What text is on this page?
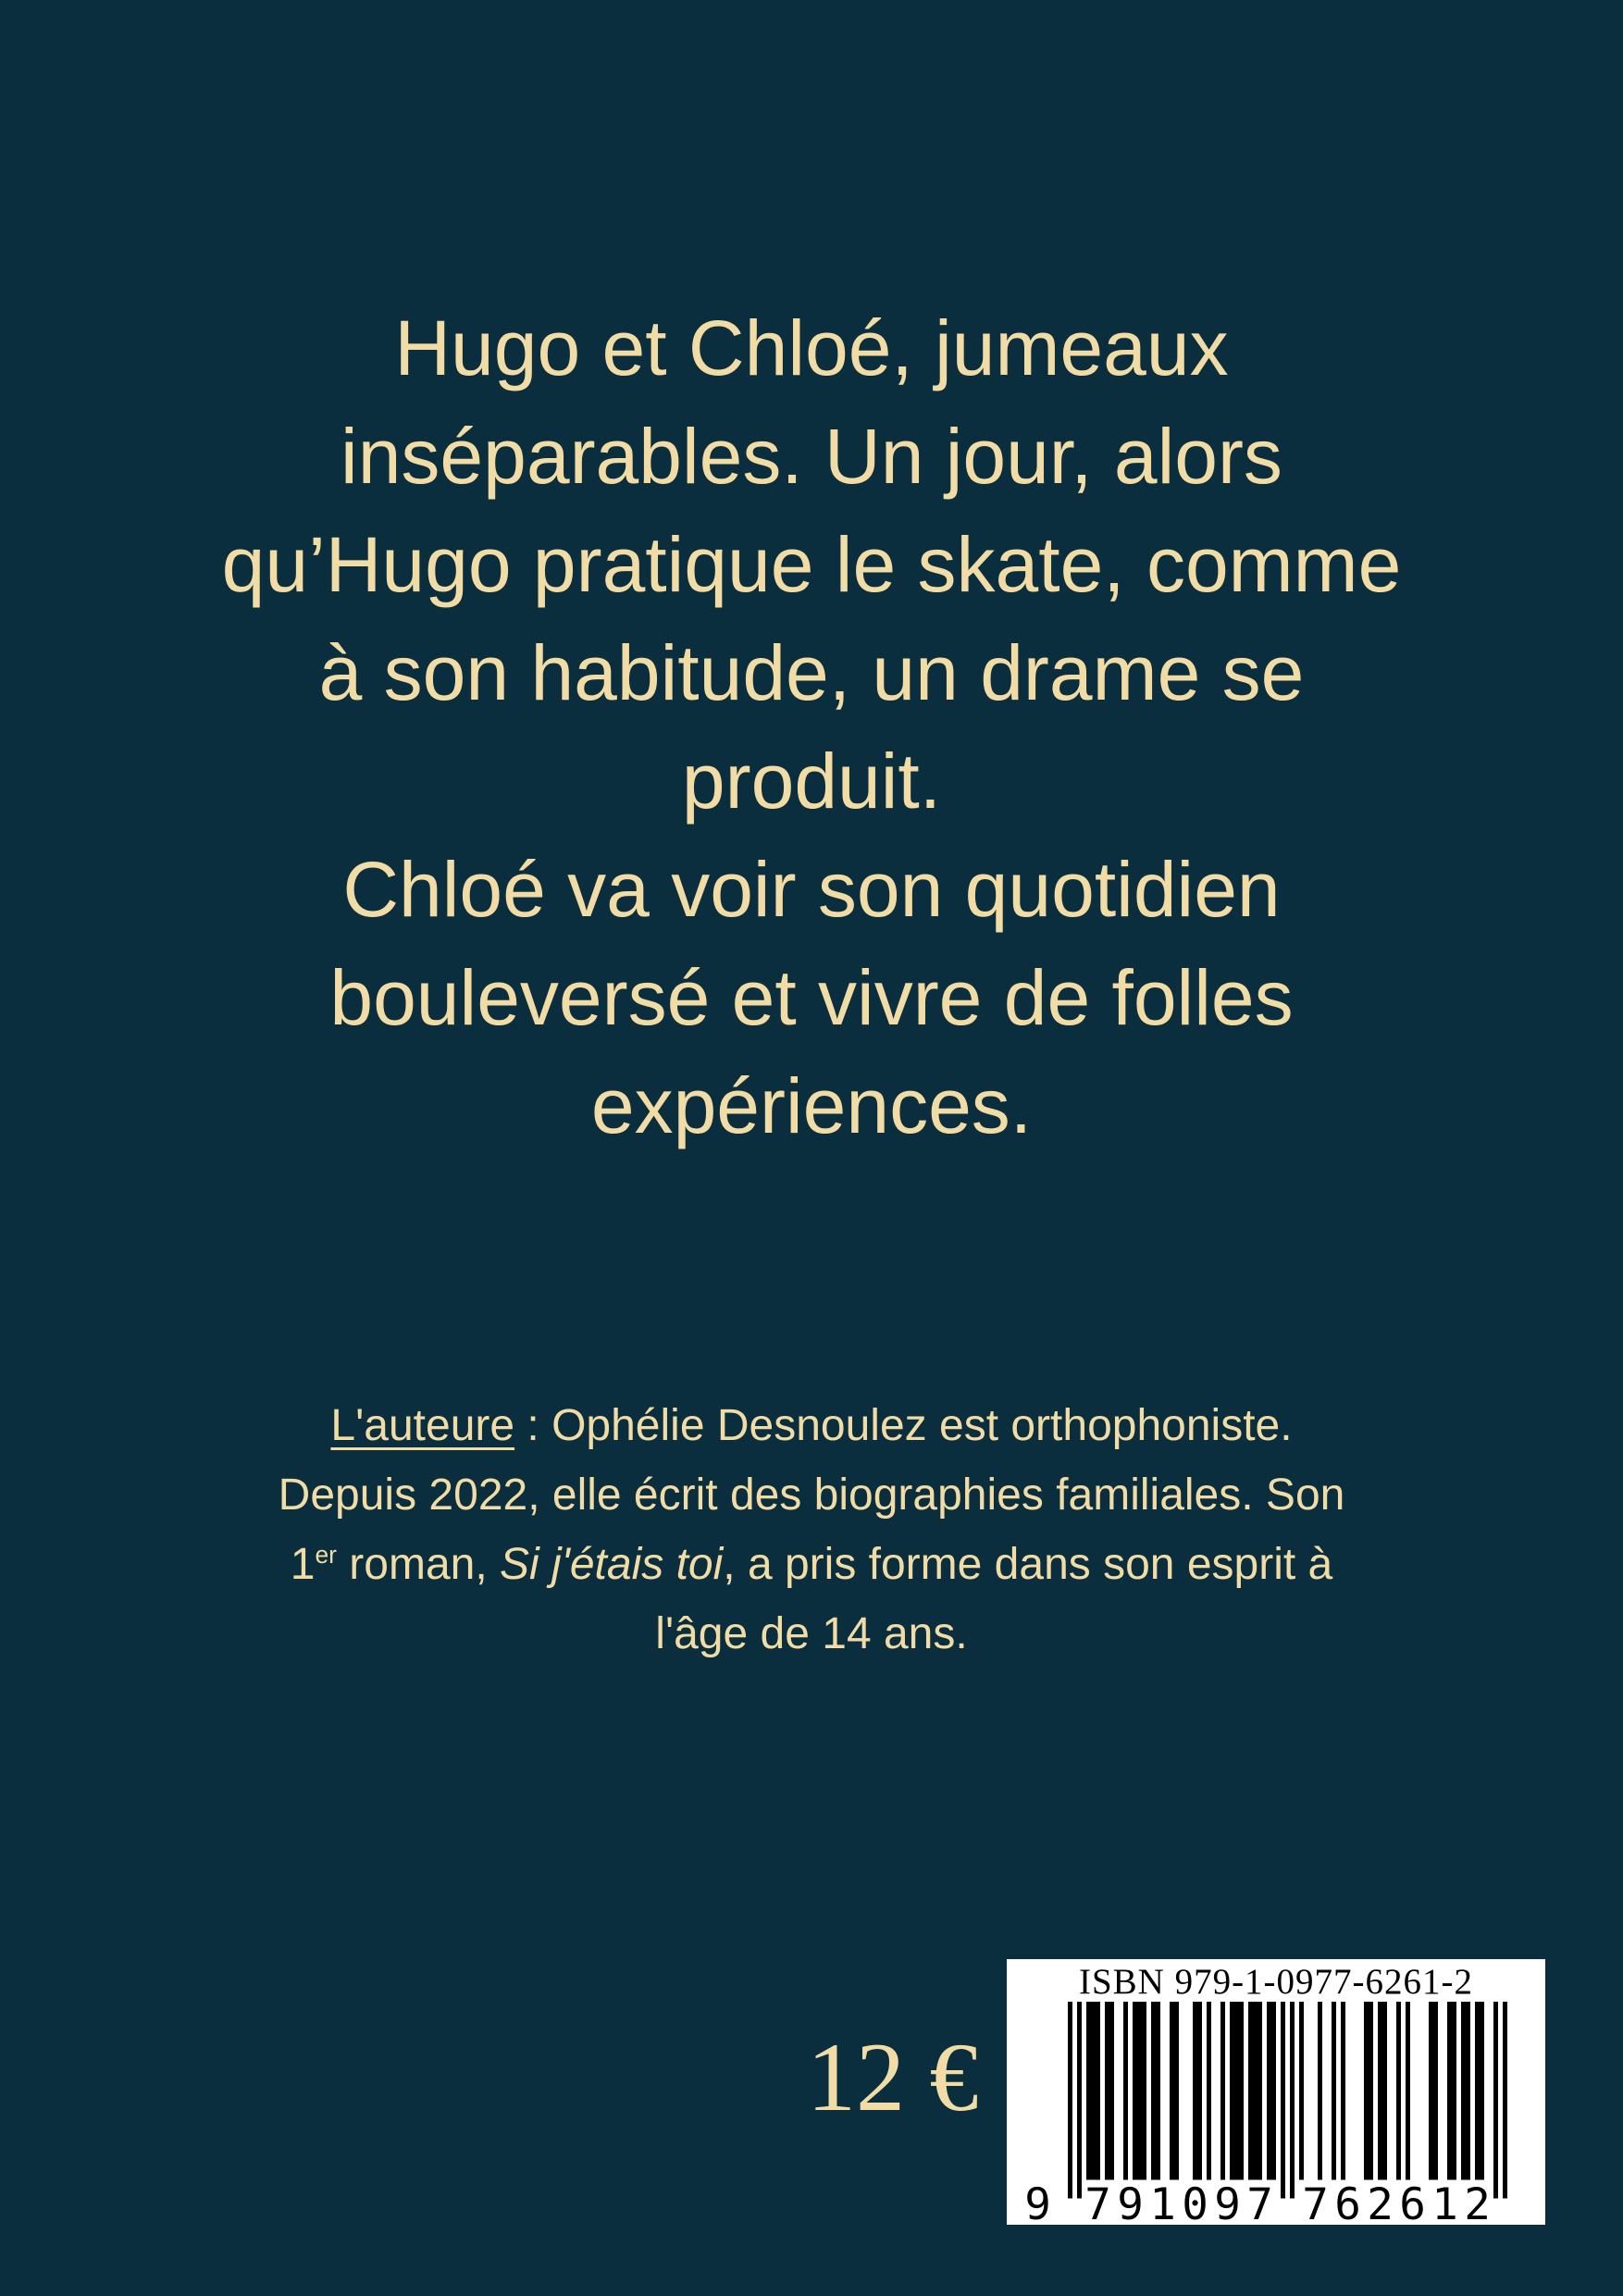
Hugo et Chloé, jumeaux
inséparables. Un jour, alors
qu’Hugo pratique le skate, comme
à son habitude, un drame se
produit.
Chloé va voir son quotidien
bouleversé et vivre de folles
expériences.
L'auteure : Ophélie Desnoulez est orthophoniste.
Depuis 2022, elle écrit des biographies familiales. Son
1er roman, Si j'étais toi, a pris forme dans son esprit à
l'âge de 14 ans.
12 €
ISBN 979-1-0977-6261-2
9	7 9 1 0 9 7	7 6 2 6 1 2
